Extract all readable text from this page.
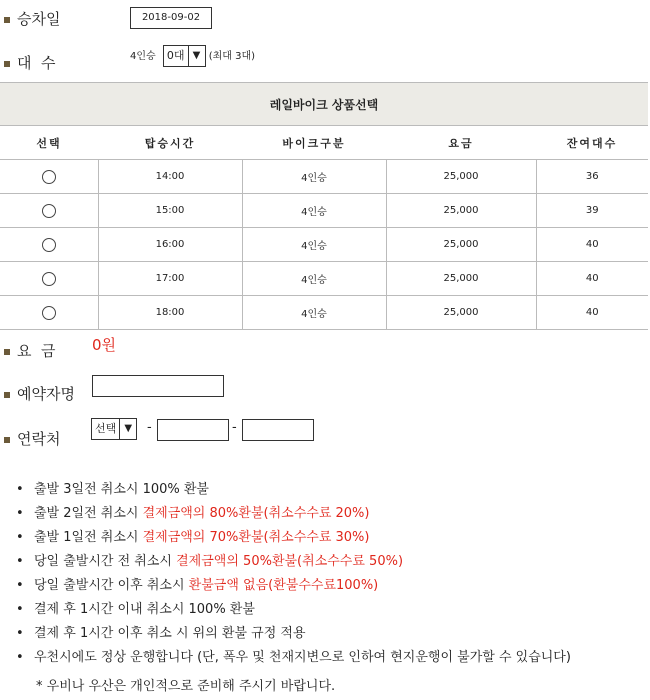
승차일	2018-09-02
대  수	4인승 0대 ▼ (최대 3대)
레일바이크 상품선택				
선택	탑승시간	바이크구분	요금	잔여대수
	14:00	4인승	25,000	36
	15:00	4인승	25,000	39
	16:00	4인승	25,000	40
	17:00	4인승	25,000	40
	18:00	4인승	25,000	40
요  금 0원
예약자명
연락처
선택 ▼	-	-
• 출발 3일전 취소시 100% 환불
• 출발 2일전 취소시 결제금액의 80%환불(취소수수료 20%)
• 출발 1일전 취소시 결제금액의 70%환불(취소수수료 30%)
• 당일 출발시간 전 취소시 결제금액의 50%환불(취소수수료 50%)
• 당일 출발시간 이후 취소시 환불금액 없음(환불수수료100%)
• 결제 후 1시간 이내 취소시 100% 환불
• 결제 후 1시간 이후 취소 시 위의 환불 규정 적용
• 우천시에도 정상 운행합니다 (단, 폭우 및 천재지변으로 인하여 현지운행이 불가할 수 있습니다)
* 우비나 우산은 개인적으로 준비해 주시기 바랍니다.
